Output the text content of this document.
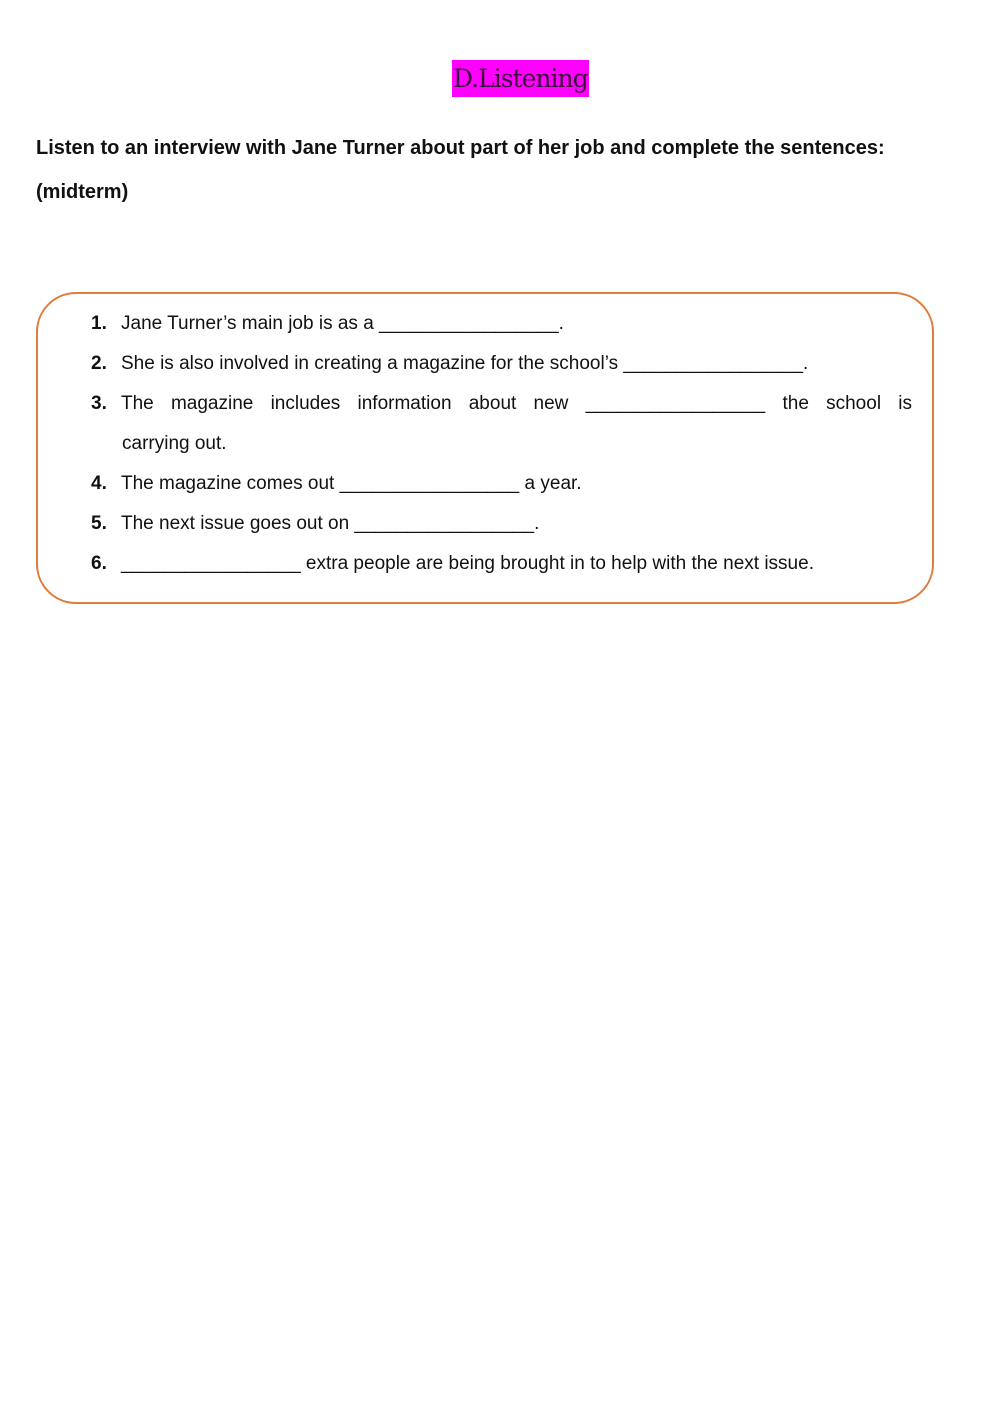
D.Listening
Listen to an interview with Jane Turner about part of her job and complete the sentences: (midterm)
1. Jane Turner’s main job is as a _________________.
2. She is also involved in creating a magazine for the school’s _________________.
3. The magazine includes information about new _________________ the school is
carrying out.
4. The magazine comes out _________________ a year.
5. The next issue goes out on _________________.
6. _________________ extra people are being brought in to help with the next issue.
